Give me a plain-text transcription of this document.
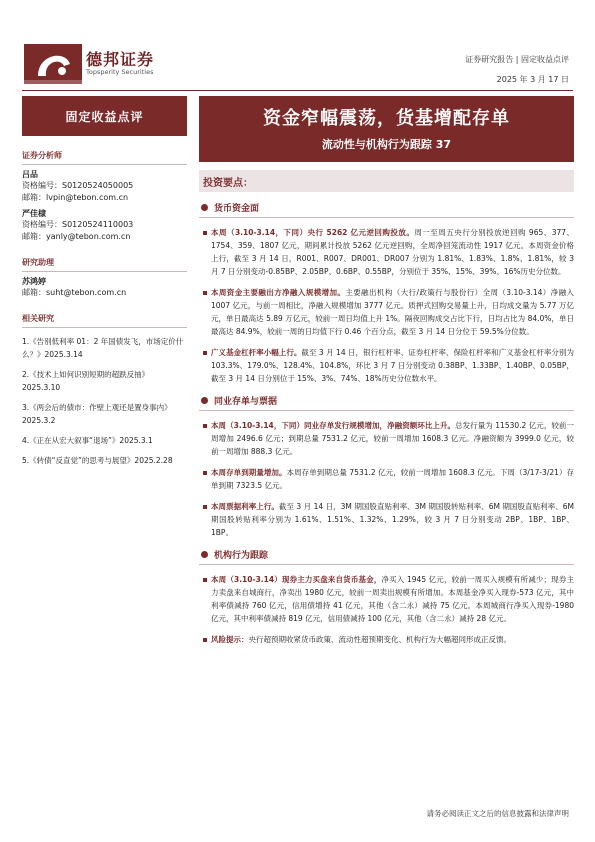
德邦证券
Topsperity Securities
证券研究报告 | 固定收益点评
2025 年 3 月 17 日
固定收益点评
证券分析师
吕品
资格编号：S0120524050005
邮箱：lvpin@tebon.com.cn
严佳棣
资格编号：S0120524110003
邮箱：yanly@tebon.com.cn
研究助理
苏鸿婷
邮箱：suht@tebon.com.cn
相关研究
1.《告别低利率 01：2 年国债发飞，市场定价什么？》2025.3.14
2.《技术上如何识别短期的超跌反抽》2025.3.10
3.《两会后的债市：作壁上观还是置身事内》2025.3.2
4.《正在从宏大叙事“退场”》2025.3.1
5.《转债“反直觉”的思考与展望》2025.2.28
资金窄幅震荡，货基增配存单
流动性与机构行为跟踪 37
投资要点：
货币资金面
本周（3.10-3.14，下同）央行 5262 亿元逆回购投放。周一至周五央行分别投放逆回购 965、377、1754、359、1807 亿元，期间累计投放 5262 亿元逆回购，全周净回笼流动性 1917 亿元。本周资金价格上行，截至 3 月 14 日，R001、R007、DR001、DR007 分别为 1.81%、1.83%、1.8%、1.81%，较 3 月 7 日分别变动-0.85BP、2.05BP、0.6BP、0.55BP，分别位于 35%、15%、39%、16%历史分位数。
本周资金主要融出方净融入规模增加。主要融出机构（大行/政策行与股份行）全周（3.10-3.14）净融入 1007 亿元，与前一周相比，净融入规模增加 3777 亿元。质押式回购交易量上升，日均成交量为 5.77 万亿元，单日最高达 5.89 万亿元，较前一周日均值上升 1%。隔夜回购成交占比下行，日均占比为 84.0%，单日最高达 84.9%，较前一周的日均值下行 0.46 个百分点，截至 3 月 14 日分位于 59.5%分位数。
广义基金杠杆率小幅上行。截至 3 月 14 日，银行杠杆率、证券杠杆率、保险杠杆率和广义基金杠杆率分别为 103.3%、179.0%、128.4%、104.8%，环比 3 月 7 日分别变动 0.38BP、1.33BP、1.40BP、0.05BP，截至 3 月 14 日分别位于 15%、3%、74%、18%历史分位数水平。
同业存单与票据
本周（3.10-3.14，下同）同业存单发行规模增加，净融资额环比上升。总发行量为 11530.2 亿元，较前一周增加 2496.6 亿元；到期总量 7531.2 亿元，较前一周增加 1608.3 亿元。净融资额为 3999.0 亿元，较前一周增加 888.3 亿元。
本周存单到期量增加。本周存单到期总量 7531.2 亿元，较前一周增加 1608.3 亿元。下周（3/17-3/21）存单到期 7323.5 亿元。
本周票据利率上行。截至 3 月 14 日，3M 期国股直贴利率、3M 期国股转贴利率、6M 期国股直贴利率、6M 期国股转贴利率分别为 1.61%、1.51%、1.32%、1.29%，较 3 月 7 日分别变动 2BP、1BP、1BP、1BP。
机构行为跟踪
本周（3.10-3.14）现券主力买盘来自货币基金，净买入 1945 亿元，较前一周买入规模有所减少；现券主力卖盘来自城商行，净卖出 1980 亿元，较前一周卖出规模有所增加。本周基金净买入现券-573 亿元，其中利率债减持 760 亿元，信用债增持 41 亿元，其他（含二永）减持 75 亿元。本周城商行净买入现券-1980 亿元，其中利率债减持 819 亿元，信用债减持 100 亿元，其他（含二永）减持 28 亿元。
风险提示：央行超预期收紧货币政策、流动性超预期变化、机构行为大幅超同形成正反馈。
请务必阅读正文之后的信息披露和法律声明
